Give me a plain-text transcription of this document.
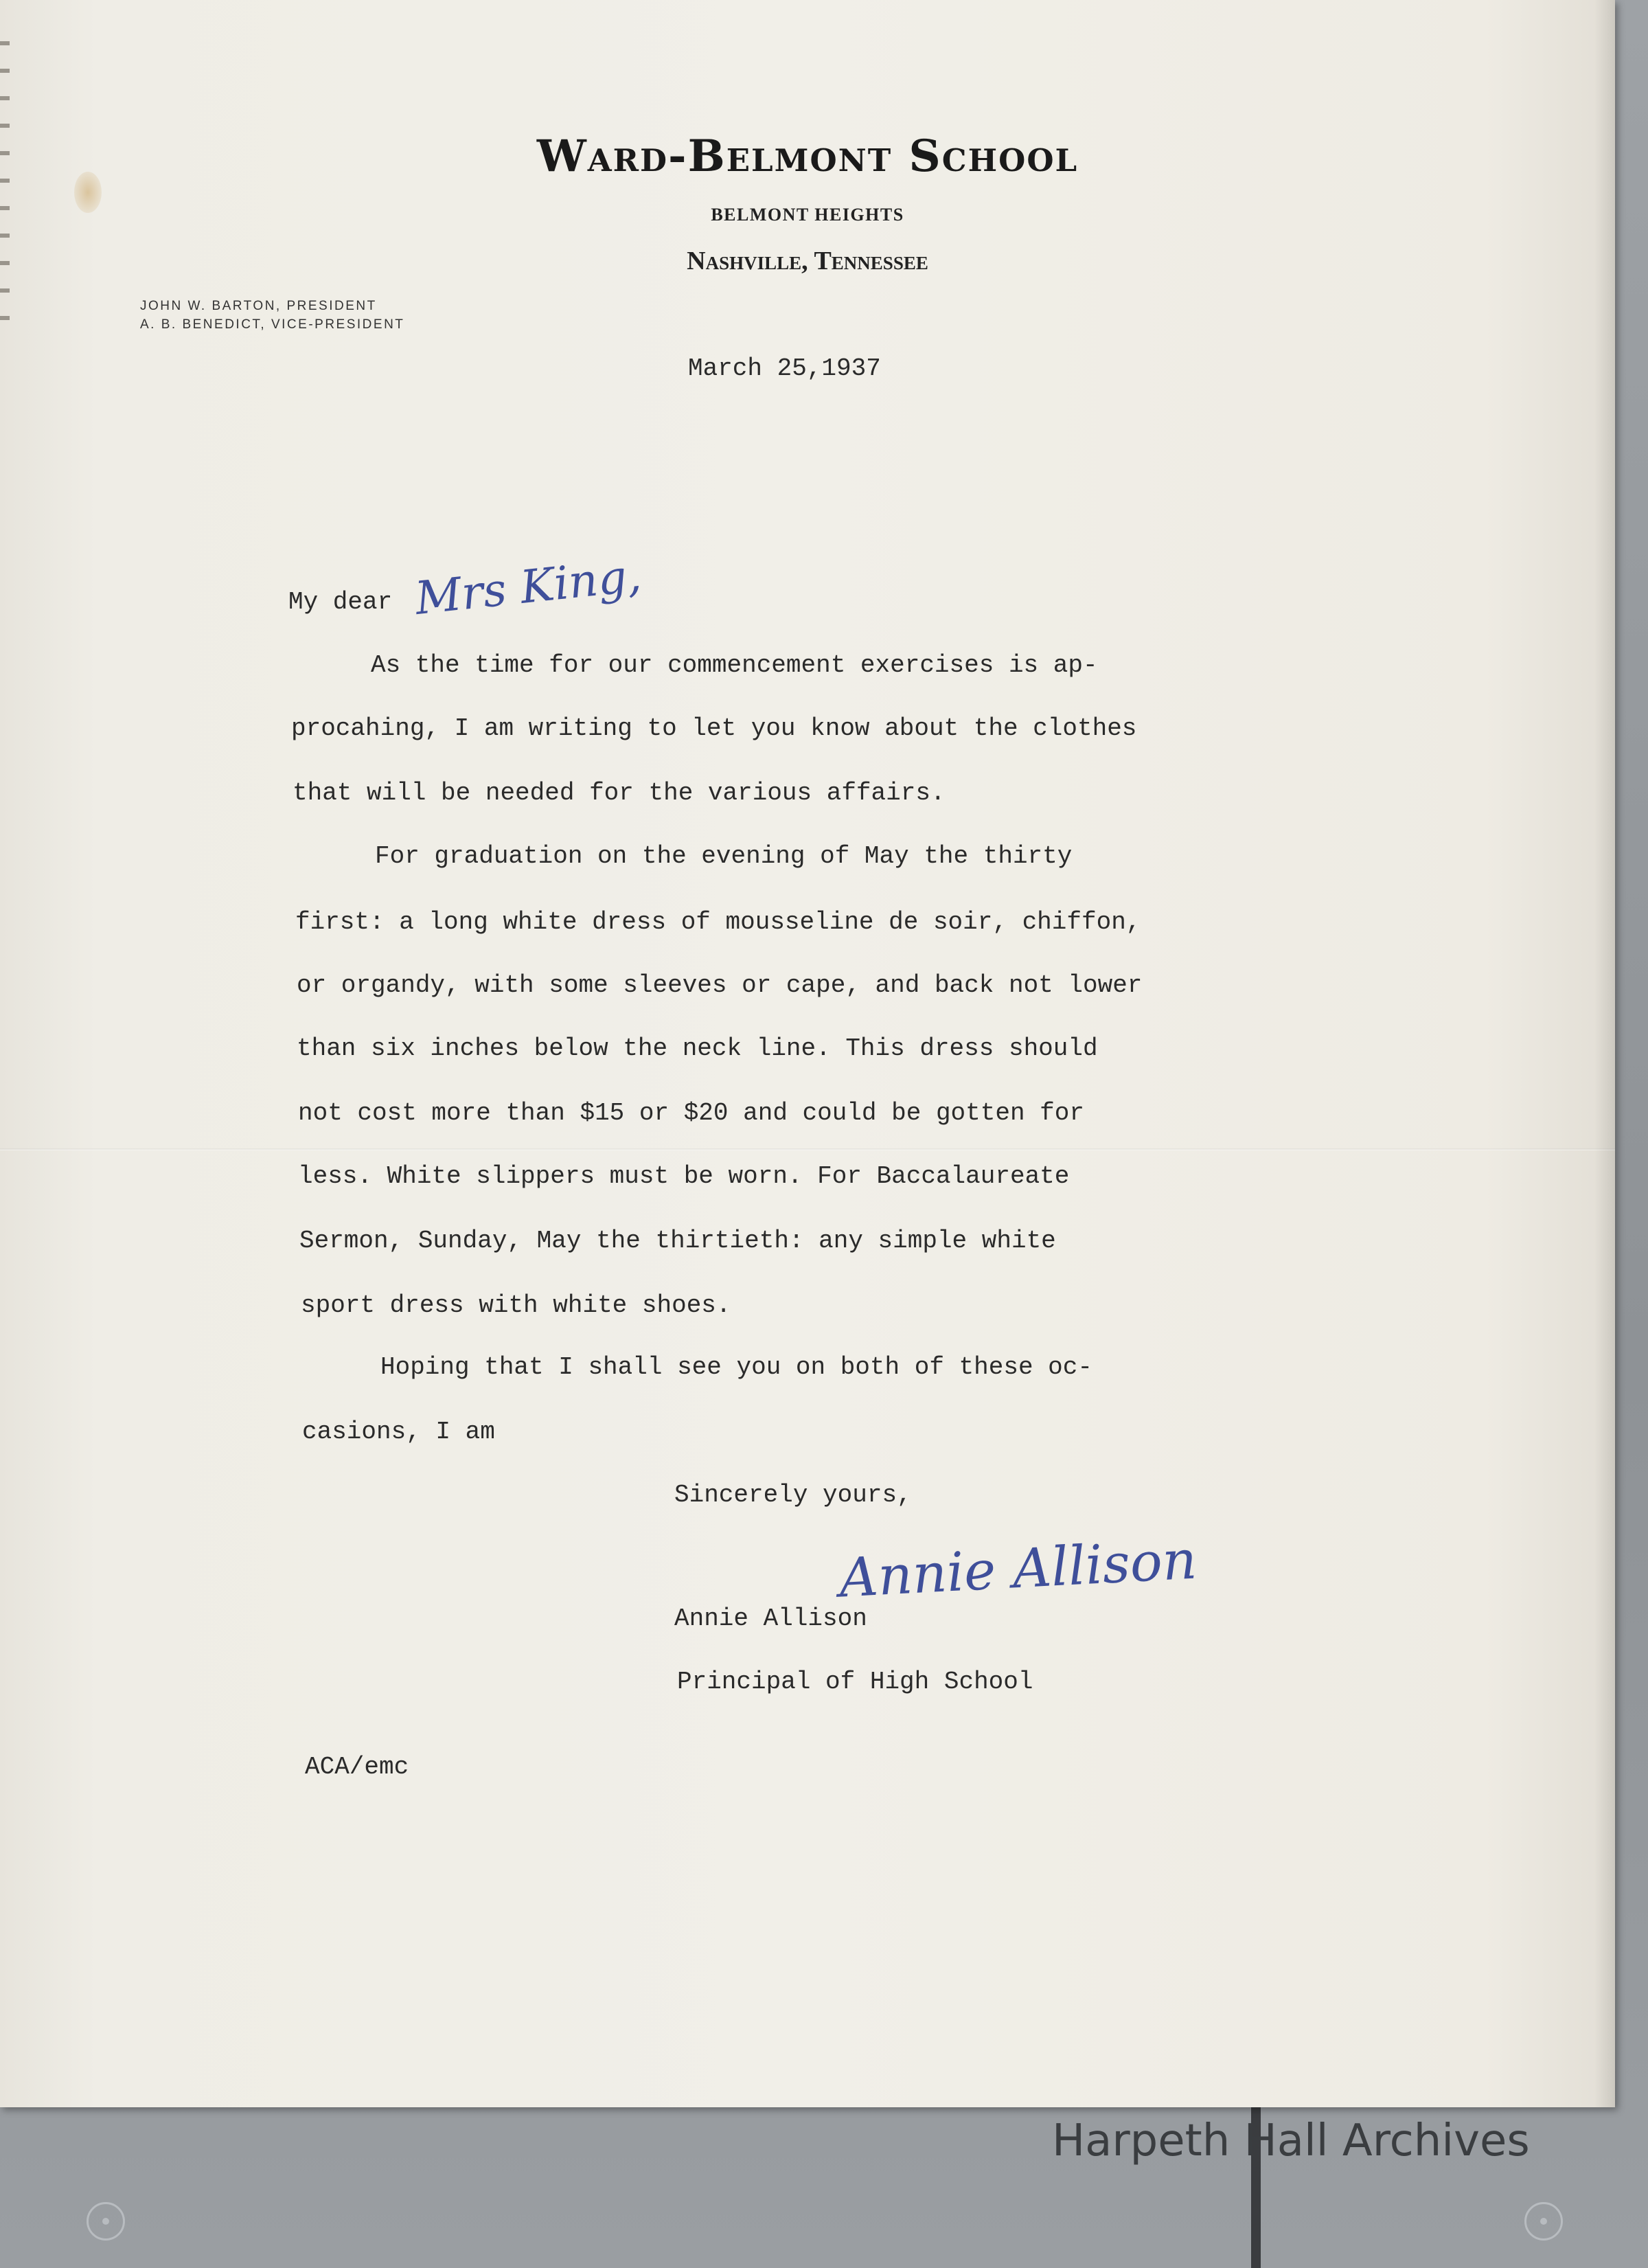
Ward-Belmont School
BELMONT HEIGHTS
Nashville, Tennessee
JOHN W. BARTON, PRESIDENT
A. B. BENEDICT, VICE-PRESIDENT
March 25,1937
My dear Mrs King,
As the time for our commencement exercises is ap-
procahing, I am writing to let you know about the clothes
that will be needed for the various affairs.
For graduation on the evening of May the thirty
first: a long white dress of mousseline de soir, chiffon,
or organdy, with some sleeves or cape, and back not lower
than six inches below the neck line. This dress should
not cost more than $15 or $20 and could be gotten for
less. White slippers must be worn. For Baccalaureate
Sermon, Sunday, May the thirtieth: any simple white
sport dress with white shoes.
Hoping that I shall see you on both of these oc-
casions, I am
Sincerely yours,
Annie Allison
Annie Allison
Principal of High School
ACA/emc
Harpeth Hall Archives
